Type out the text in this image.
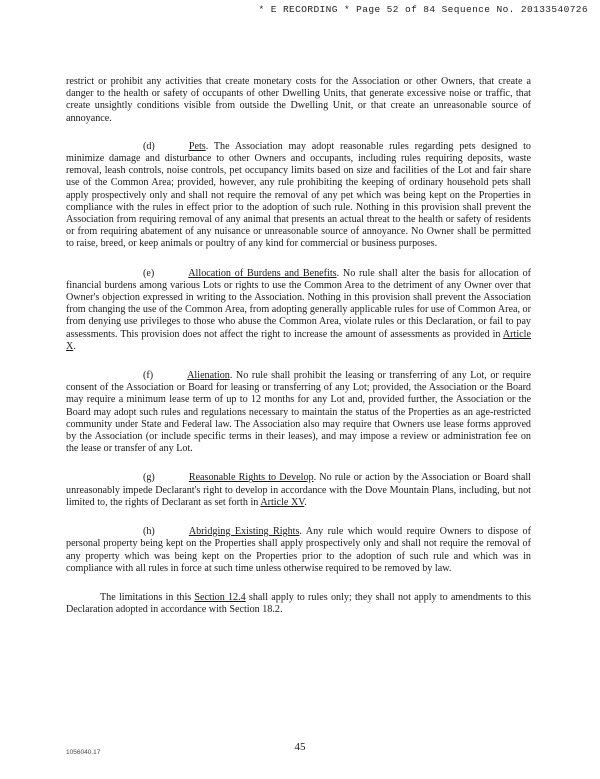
* E RECORDING * Page 52 of 84 Sequence No. 20133540726

restrict or prohibit any activities that create monetary costs for the Association or other Owners, that create a danger to the health or safety of occupants of other Dwelling Units, that generate excessive noise or traffic, that create unsightly conditions visible from outside the Dwelling Unit, or that create an unreasonable source of annoyance.

(d)	Pets. The Association may adopt reasonable rules regarding pets designed to minimize damage and disturbance to other Owners and occupants, including rules requiring deposits, waste removal, leash controls, noise controls, pet occupancy limits based on size and facilities of the Lot and fair share use of the Common Area; provided, however, any rule prohibiting the keeping of ordinary household pets shall apply prospectively only and shall not require the removal of any pet which was being kept on the Properties in compliance with the rules in effect prior to the adoption of such rule. Nothing in this provision shall prevent the Association from requiring removal of any animal that presents an actual threat to the health or safety of residents or from requiring abatement of any nuisance or unreasonable source of annoyance. No Owner shall be permitted to raise, breed, or keep animals or poultry of any kind for commercial or business purposes.

(e)	Allocation of Burdens and Benefits. No rule shall alter the basis for allocation of financial burdens among various Lots or rights to use the Common Area to the detriment of any Owner over that Owner's objection expressed in writing to the Association. Nothing in this provision shall prevent the Association from changing the use of the Common Area, from adopting generally applicable rules for use of Common Area, or from denying use privileges to those who abuse the Common Area, violate rules or this Declaration, or fail to pay assessments. This provision does not affect the right to increase the amount of assessments as provided in Article X.

(f)	Alienation. No rule shall prohibit the leasing or transferring of any Lot, or require consent of the Association or Board for leasing or transferring of any Lot; provided, the Association or the Board may require a minimum lease term of up to 12 months for any Lot and, provided further, the Association or the Board may adopt such rules and regulations necessary to maintain the status of the Properties as an age-restricted community under State and Federal law. The Association also may require that Owners use lease forms approved by the Association (or include specific terms in their leases), and may impose a review or administration fee on the lease or transfer of any Lot.

(g)	Reasonable Rights to Develop. No rule or action by the Association or Board shall unreasonably impede Declarant's right to develop in accordance with the Dove Mountain Plans, including, but not limited to, the rights of Declarant as set forth in Article XV.

(h)	Abridging Existing Rights. Any rule which would require Owners to dispose of personal property being kept on the Properties shall apply prospectively only and shall not require the removal of any property which was being kept on the Properties prior to the adoption of such rule and which was in compliance with all rules in force at such time unless otherwise required to be removed by law.

The limitations in this Section 12.4 shall apply to rules only; they shall not apply to amendments to this Declaration adopted in accordance with Section 18.2.

1056040.17	45
